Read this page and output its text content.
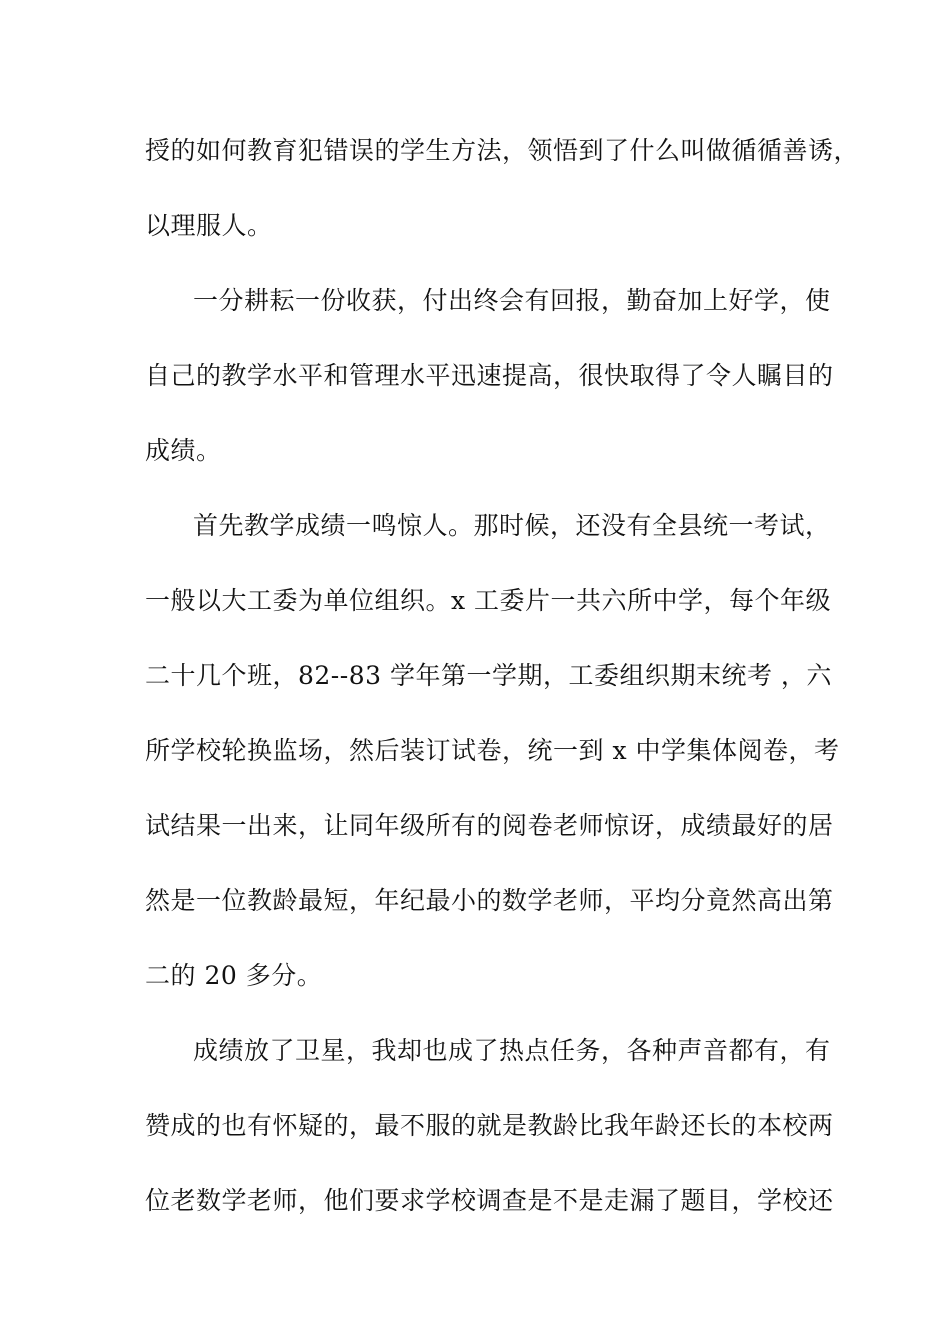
授的如何教育犯错误的学生方法，领悟到了什么叫做循循善诱，
以理服人。
一分耕耘一份收获，付出终会有回报，勤奋加上好学，使
自己的教学水平和管理水平迅速提高，很快取得了令人瞩目的
成绩。
首先教学成绩一鸣惊人。那时候，还没有全县统一考试，
一般以大工委为单位组织。x 工委片一共六所中学，每个年级
二十几个班，82--83 学年第一学期，工委组织期末统考 ，六
所学校轮换监场，然后装订试卷，统一到 x 中学集体阅卷，考
试结果一出来，让同年级所有的阅卷老师惊讶，成绩最好的居
然是一位教龄最短，年纪最小的数学老师，平均分竟然高出第
二的 20 多分。
成绩放了卫星，我却也成了热点任务，各种声音都有，有
赞成的也有怀疑的，最不服的就是教龄比我年龄还长的本校两
位老数学老师，他们要求学校调查是不是走漏了题目，学校还
